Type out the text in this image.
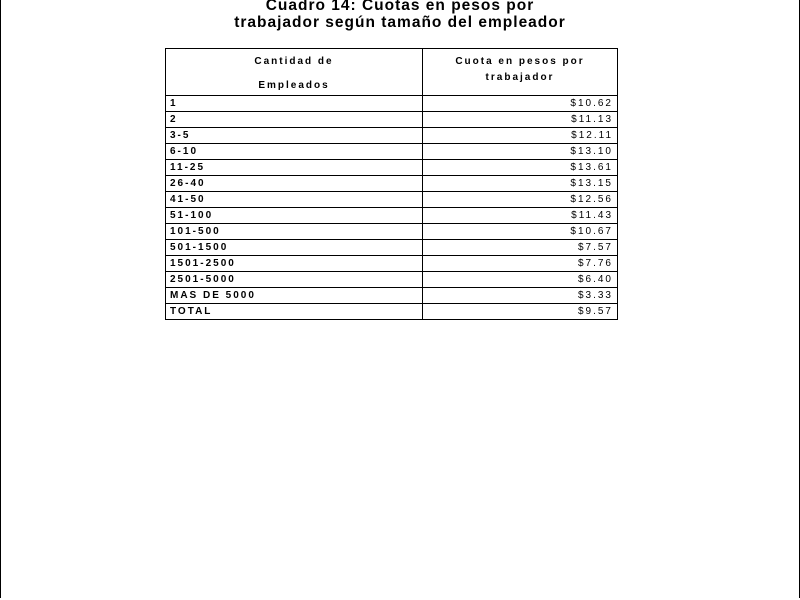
Cuadro 14: Cuotas en pesos por
trabajador según tamaño del empleador
Cantidad de
Empleados	Cuota en pesos por
trabajador

1	$10.62
2	$11.13
3-5	$12.11
6-10	$13.10
11-25	$13.61
26-40	$13.15
41-50	$12.56
51-100	$11.43
101-500	$10.67
501-1500	$7.57
1501-2500	$7.76
2501-5000	$6.40
MAS DE 5000	$3.33
TOTAL	$9.57
